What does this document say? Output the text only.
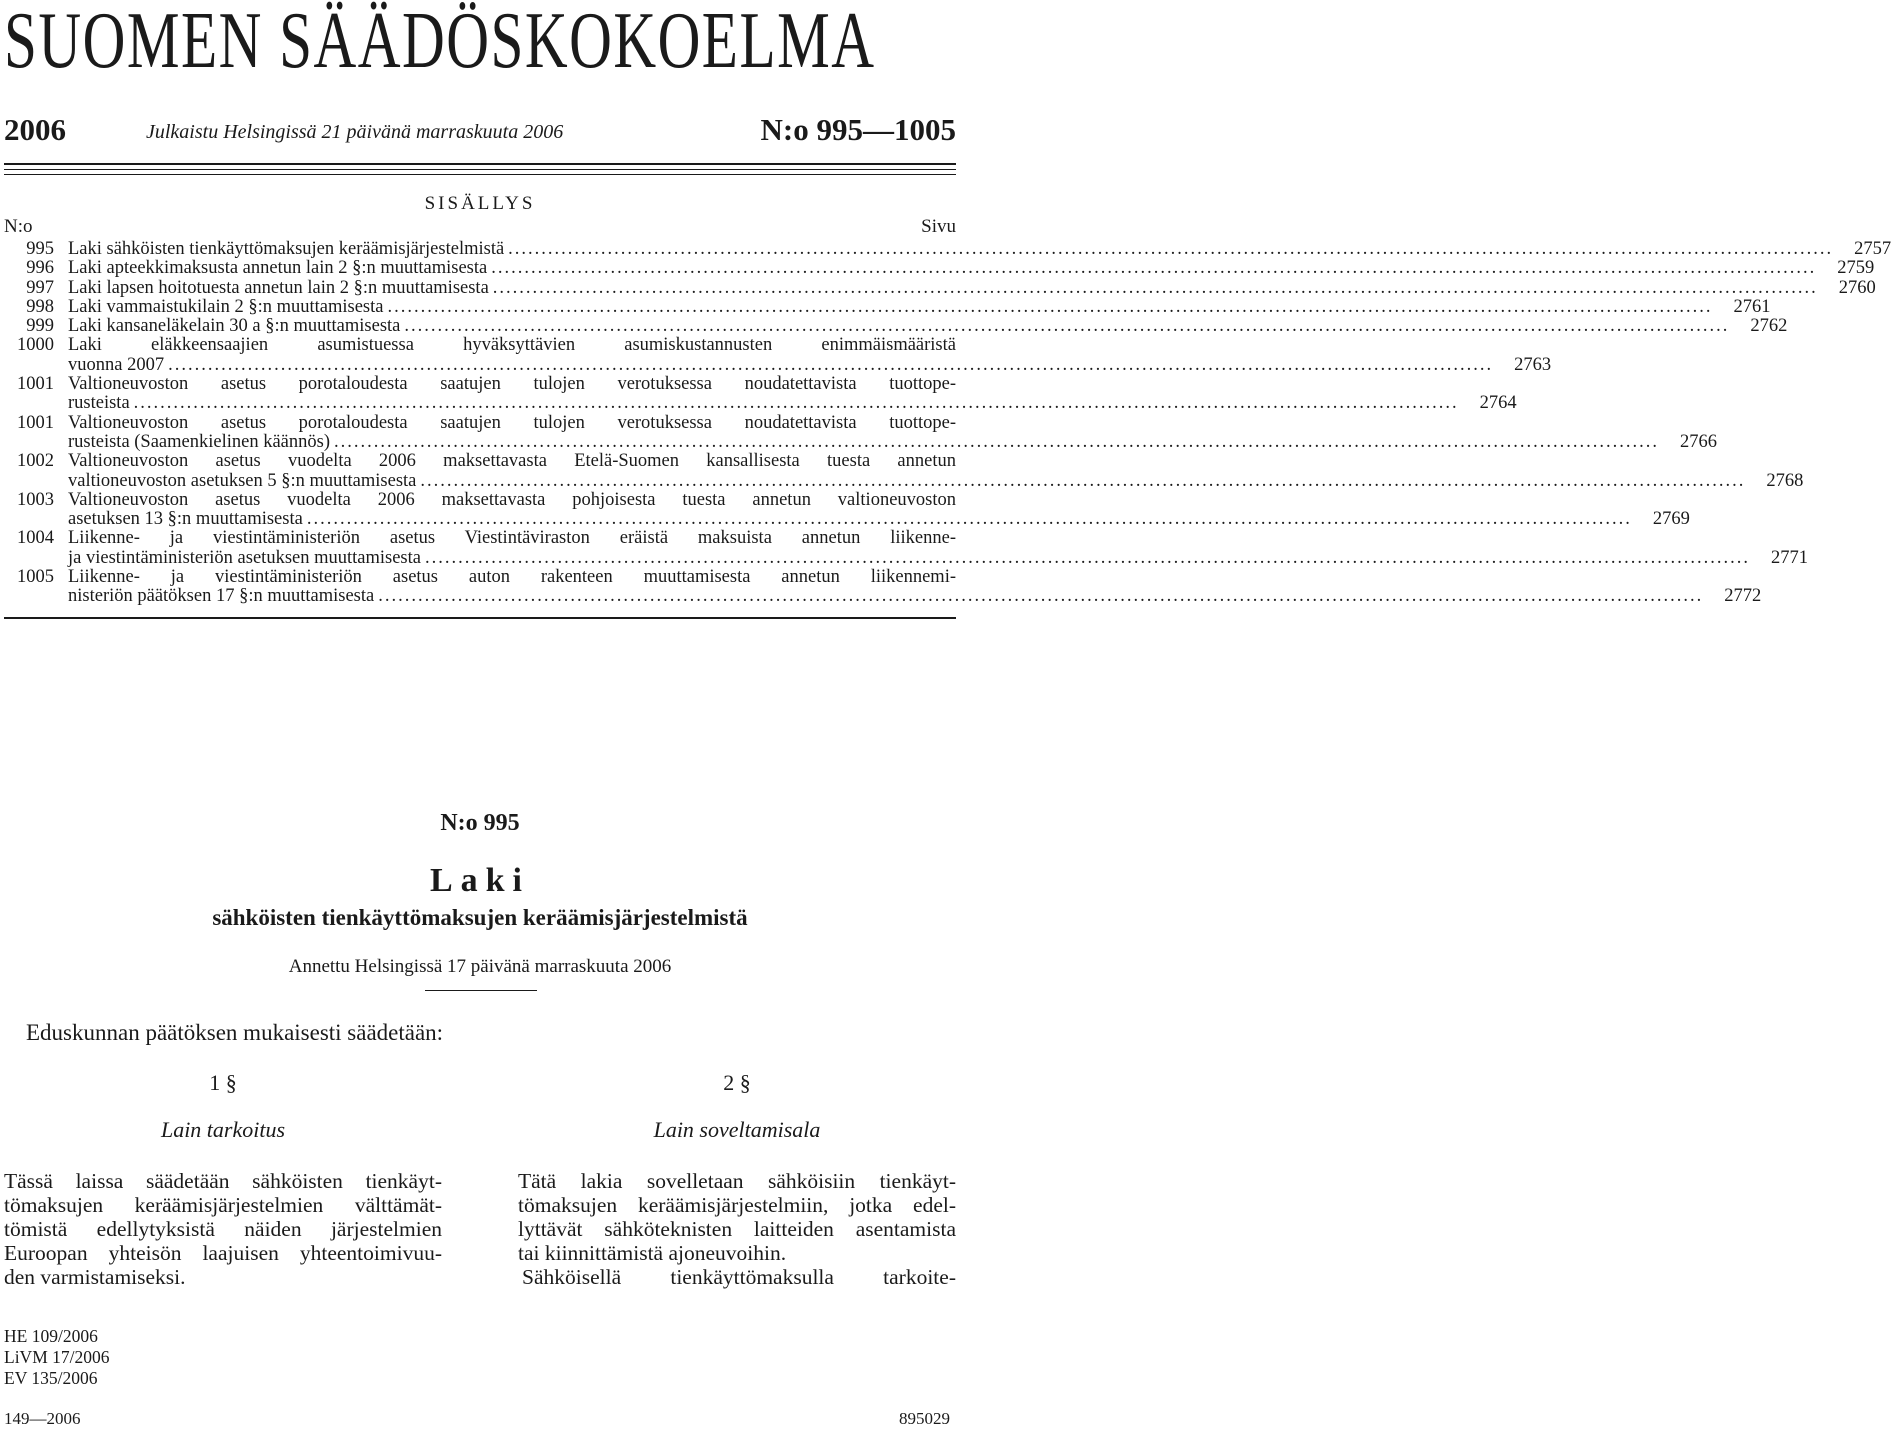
SUOMEN SÄÄDÖSKOKOELMA
2006	Julkaistu Helsingissä 21 päivänä marraskuuta 2006	N:o 995—1005
SISÄLLYS
N:o	Sivu
995 Laki sähköisten tienkäyttömaksujen keräämisjärjestelmistä ........................................................................................................................................................................................................	2757
996 Laki apteekkimaksusta annetun lain 2 §:n muuttamisesta ........................................................................................................................................................................................................	2759
997 Laki lapsen hoitotuesta annetun lain 2 §:n muuttamisesta ........................................................................................................................................................................................................	2760
998 Laki vammaistukilain 2 §:n muuttamisesta ........................................................................................................................................................................................................	2761
999 Laki kansaneläkelain 30 a §:n muuttamisesta ........................................................................................................................................................................................................	2762
1000 Laki eläkkeensaajien asumistuessa hyväksyttävien asumiskustannusten enimmäismääristä
vuonna 2007 ........................................................................................................................................................................................................	2763
1001 Valtioneuvoston asetus porotaloudesta saatujen tulojen verotuksessa noudatettavista tuottope-
rusteista ........................................................................................................................................................................................................	2764
1001 Valtioneuvoston asetus porotaloudesta saatujen tulojen verotuksessa noudatettavista tuottope-
rusteista (Saamenkielinen käännös) ........................................................................................................................................................................................................	2766
1002 Valtioneuvoston asetus vuodelta 2006 maksettavasta Etelä-Suomen kansallisesta tuesta annetun
valtioneuvoston asetuksen 5 §:n muuttamisesta ........................................................................................................................................................................................................	2768
1003 Valtioneuvoston asetus vuodelta 2006 maksettavasta pohjoisesta tuesta annetun valtioneuvoston
asetuksen 13 §:n muuttamisesta ........................................................................................................................................................................................................	2769
1004 Liikenne- ja viestintäministeriön asetus Viestintäviraston eräistä maksuista annetun liikenne-
ja viestintäministeriön asetuksen muuttamisesta ........................................................................................................................................................................................................	2771
1005 Liikenne- ja viestintäministeriön asetus auton rakenteen muuttamisesta annetun liikennemi-
nisteriön päätöksen 17 §:n muuttamisesta ........................................................................................................................................................................................................	2772
N:o 995
Laki
sähköisten tienkäyttömaksujen keräämisjärjestelmistä
Annettu Helsingissä 17 päivänä marraskuuta 2006
Eduskunnan päätöksen mukaisesti säädetään:
1 §
Lain tarkoitus
Tässä laissa säädetään sähköisten tienkäyt-
tömaksujen keräämisjärjestelmien välttämät-
tömistä edellytyksistä näiden järjestelmien
Euroopan yhteisön laajuisen yhteentoimivuu-
den varmistamiseksi.
2 §
Lain soveltamisala
Tätä lakia sovelletaan sähköisiin tienkäyt-
tömaksujen keräämisjärjestelmiin, jotka edel-
lyttävät sähköteknisten laitteiden asentamista
tai kiinnittämistä ajoneuvoihin.
Sähköisellä tienkäyttömaksulla tarkoite-
HE 109/2006
LiVM 17/2006
EV 135/2006
149—2006	895029
